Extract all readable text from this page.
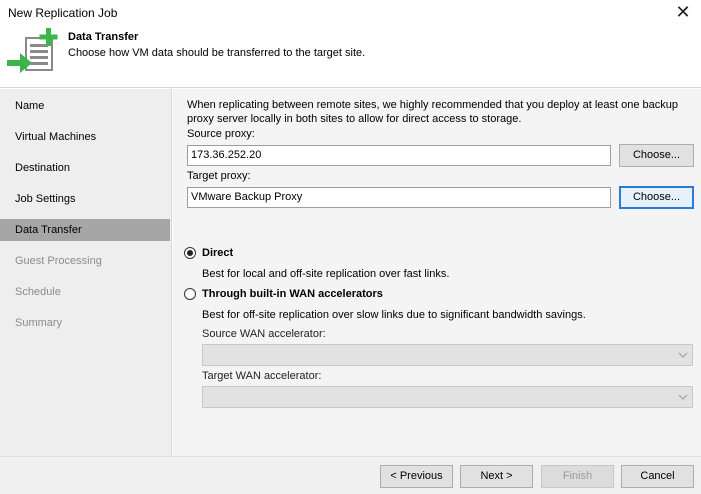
New Replication Job	✕
Data Transfer
Choose how VM data should be transferred to the target site.
Name
Virtual Machines
Destination
Job Settings
Data Transfer
Guest Processing
Schedule
Summary
When replicating between remote sites, we highly recommended that you deploy at least one backup proxy server locally in both sites to allow for direct access to storage.
Source proxy:
173.36.252.20	Choose...
Target proxy:
VMware Backup Proxy	Choose...
Direct
Best for local and off-site replication over fast links.
Through built-in WAN accelerators
Best for off-site replication over slow links due to significant bandwidth savings.
Source WAN accelerator:
Target WAN accelerator:
< Previous	Next >	Finish	Cancel
